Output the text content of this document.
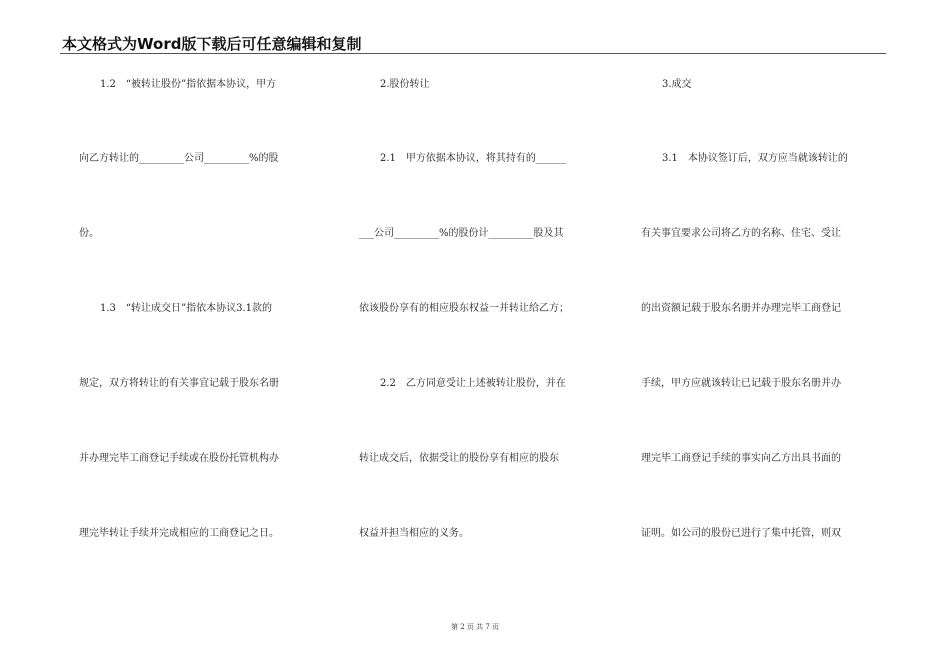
本文格式为Word版下载后可任意编辑和复制
1.2　“被转让股份”指依据本协议，甲方
向乙方转让的_________公司_________%的股
份。
1.3　“转让成交日”指依本协议3.1款的
规定，双方将转让的有关事宜记载于股东名册
并办理完毕工商登记手续或在股份托管机构办
理完毕转让手续并完成相应的工商登记之日。
2.股份转让
2.1　甲方依据本协议，将其持有的______
___公司_________%的股份计_________股及其
依该股份享有的相应股东权益一并转让给乙方；
2.2　乙方同意受让上述被转让股份，并在
转让成交后，依据受让的股份享有相应的股东
权益并担当相应的义务。
3.成交
3.1　本协议签订后，双方应当就该转让的
有关事宜要求公司将乙方的名称、住宅、受让
的出资额记载于股东名册并办理完毕工商登记
手续，甲方应就该转让已记载于股东名册并办
理完毕工商登记手续的事实向乙方出具书面的
证明。如公司的股份已进行了集中托管，则双
第 2 页 共 7 页
